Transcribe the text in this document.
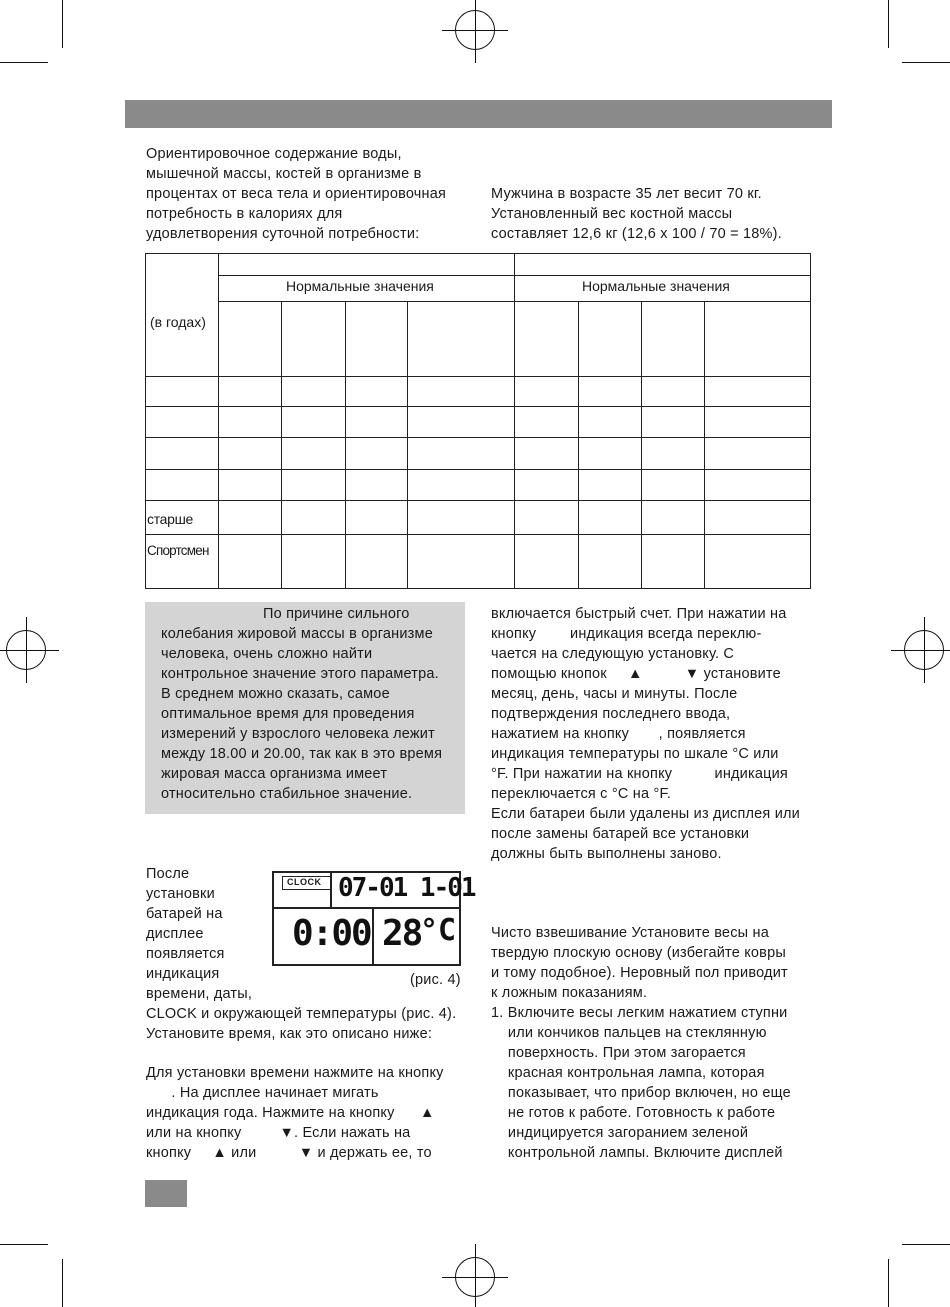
Ориентировочное содержание воды,

мышечной массы, костей в организме в

процентах от веса тела и ориентировочная

потребность в калориях для

удовлетворения суточной потребности:

Мужчина в возрасте 35 лет весит 70 кг.

Установленный вес костной массы

составляет 12,6 кг (12,6 x 100 / 70 = 18%).

Нормальные значения	Нормальные значения
(в годах)
старше
Спортсмен

По причине сильного

колебания жировой массы в организме

человека, очень сложно найти

контрольное значение этого параметра.

В среднем можно сказать, самое

оптимальное время для проведения

измерений у взрослого человека лежит

между 18.00 и 20.00, так как в это время

жировая масса организма имеет

относительно стабильное значение.

включается быстрый счет. При нажатии на

кнопку        индикация всегда переклю-

чается на следующую установку. С

помощью кнопок     ▲          ▼ установите

месяц, день, часы и минуты. После

подтверждения последнего ввода,

нажатием на кнопку       , появляется

индикация температуры по шкале °C или

°F. При нажатии на кнопку          индикация

переключается с °C на °F.

Если батареи были удалены из дисплея или

после замены батарей все установки

должны быть выполнены заново.

После

установки

батарей на

дисплее

появляется

индикация

времени, даты,

CLOCK 07-01 1-01
0:00 28
°C
(рис. 4)

CLOCK и окружающей температуры (рис. 4).

Установите время, как это описано ниже:

Для установки времени нажмите на кнопку

. На дисплее начинает мигать

индикация года. Нажмите на кнопку      ▲

или на кнопку         ▼. Если нажать на

кнопку     ▲ или          ▼ и держать ее, то

Чисто взвешивание Установите весы на

твердую плоскую основу (избегайте ковры

и тому подобное). Неровный пол приводит

к ложным показаниям.

1. Включите весы легким нажатием ступни

или кончиков пальцев на стеклянную

поверхность. При этом загорается

красная контрольная лампа, которая

показывает, что прибор включен, но еще

не готов к работе. Готовность к работе

индицируется загоранием зеленой

контрольной лампы. Включите дисплей
